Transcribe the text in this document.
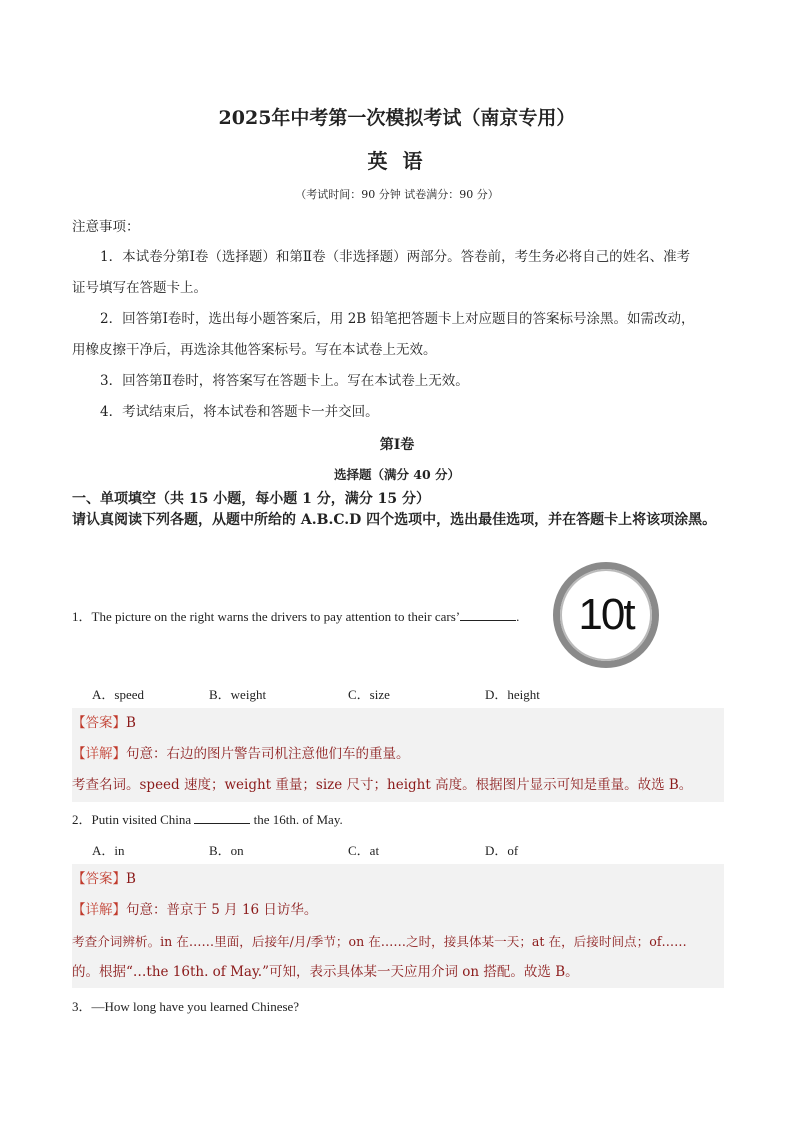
2025年中考第一次模拟考试（南京专用）
英 语
（考试时间：90 分钟 试卷满分：90 分）
注意事项：
1．本试卷分第Ⅰ卷（选择题）和第Ⅱ卷（非选择题）两部分。答卷前，考生务必将自己的姓名、准考
证号填写在答题卡上。
2．回答第Ⅰ卷时，选出每小题答案后，用 2B 铅笔把答题卡上对应题目的答案标号涂黑。如需改动，
用橡皮擦干净后，再选涂其他答案标号。写在本试卷上无效。
3．回答第Ⅱ卷时，将答案写在答题卡上。写在本试卷上无效。
4．考试结束后，将本试卷和答题卡一并交回。
第Ⅰ卷
选择题（满分 40 分）
一、单项填空（共 15 小题，每小题 1 分，满分 15 分）
请认真阅读下列各题，从题中所给的 A.B.C.D 四个选项中，选出最佳选项，并在答题卡上将该项涂黑。
1．The picture on the right warns the drivers to pay attention to their cars’	. 10t
A．speed	B．weight	C．size	D．height
【答案】B
【详解】句意：右边的图片警告司机注意他们车的重量。
考查名词。speed 速度；weight 重量；size 尺寸；height 高度。根据图片显示可知是重量。故选 B。
2．Putin visited China	the 16th. of May.
A．in	B．on	C．at	D．of
【答案】B
【详解】句意：普京于 5 月 16 日访华。
考查介词辨析。in 在……里面，后接年/月/季节；on 在……之时，接具体某一天；at 在，后接时间点；of……
的。根据“…the 16th. of May.”可知，表示具体某一天应用介词 on 搭配。故选 B。
3．—How long have you learned Chinese?
